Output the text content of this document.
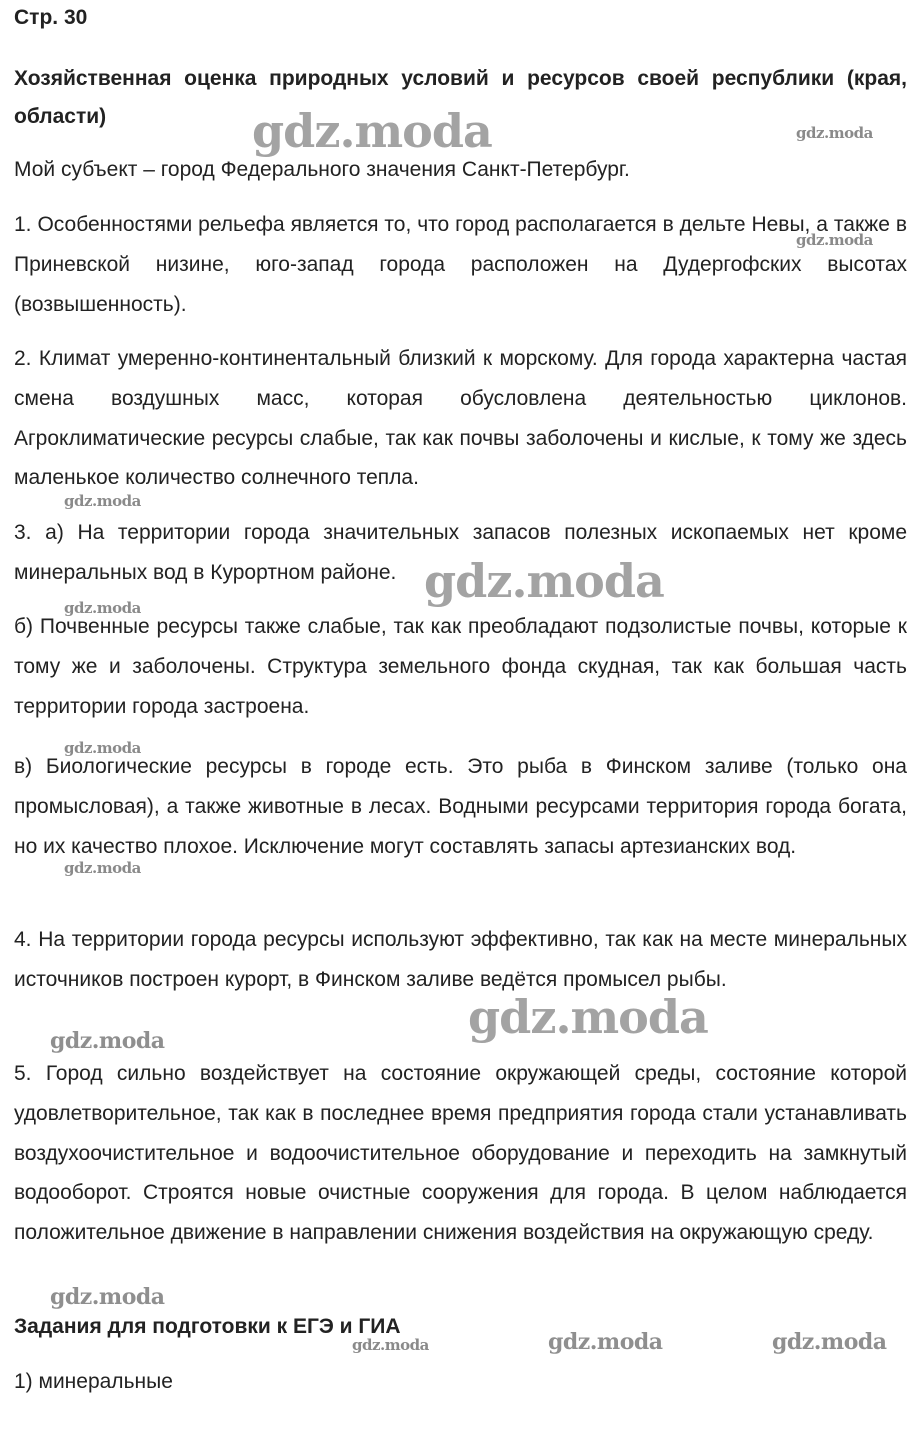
Стр. 30
Хозяйственная оценка природных условий и ресурсов своей республики (края, области)
Мой субъект – город Федерального значения Санкт-Петербург.
1. Особенностями рельефа является то, что город располагается в дельте Невы, а также в Приневской низине, юго-запад города расположен на Дудергофских высотах (возвышенность).
2. Климат умеренно-континентальный близкий к морскому. Для города характерна частая смена воздушных масс, которая обусловлена деятельностью циклонов. Агроклиматические ресурсы слабые, так как почвы заболочены и кислые, к тому же здесь маленькое количество солнечного тепла.
3. а) На территории города значительных запасов полезных ископаемых нет кроме минеральных вод в Курортном районе.
б) Почвенные ресурсы также слабые, так как преобладают подзолистые почвы, которые к тому же и заболочены. Структура земельного фонда скудная, так как большая часть территории города застроена.
в) Биологические ресурсы в городе есть. Это рыба в Финском заливе (только она промысловая), а также животные в лесах. Водными ресурсами территория города богата, но их качество плохое. Исключение могут составлять запасы артезианских вод.
4. На территории города ресурсы используют эффективно, так как на месте минеральных источников построен курорт, в Финском заливе ведётся промысел рыбы.
5. Город сильно воздействует на состояние окружающей среды, состояние которой удовлетворительное, так как в последнее время предприятия города стали устанавливать воздухоочистительное и водоочистительное оборудование и переходить на замкнутый водооборот. Строятся новые очистные сооружения для города. В целом наблюдается положительное движение в направлении снижения воздействия на окружающую среду.
Задания для подготовки к ЕГЭ и ГИА
1) минеральные
gdz.moda	gdz.moda
gdz.moda
gdz.moda
gdz.moda
gdz.moda
gdz.moda
gdz.moda
gdz.moda
gdz.moda
gdz.moda
gdz.moda	gdz.moda	gdz.moda
